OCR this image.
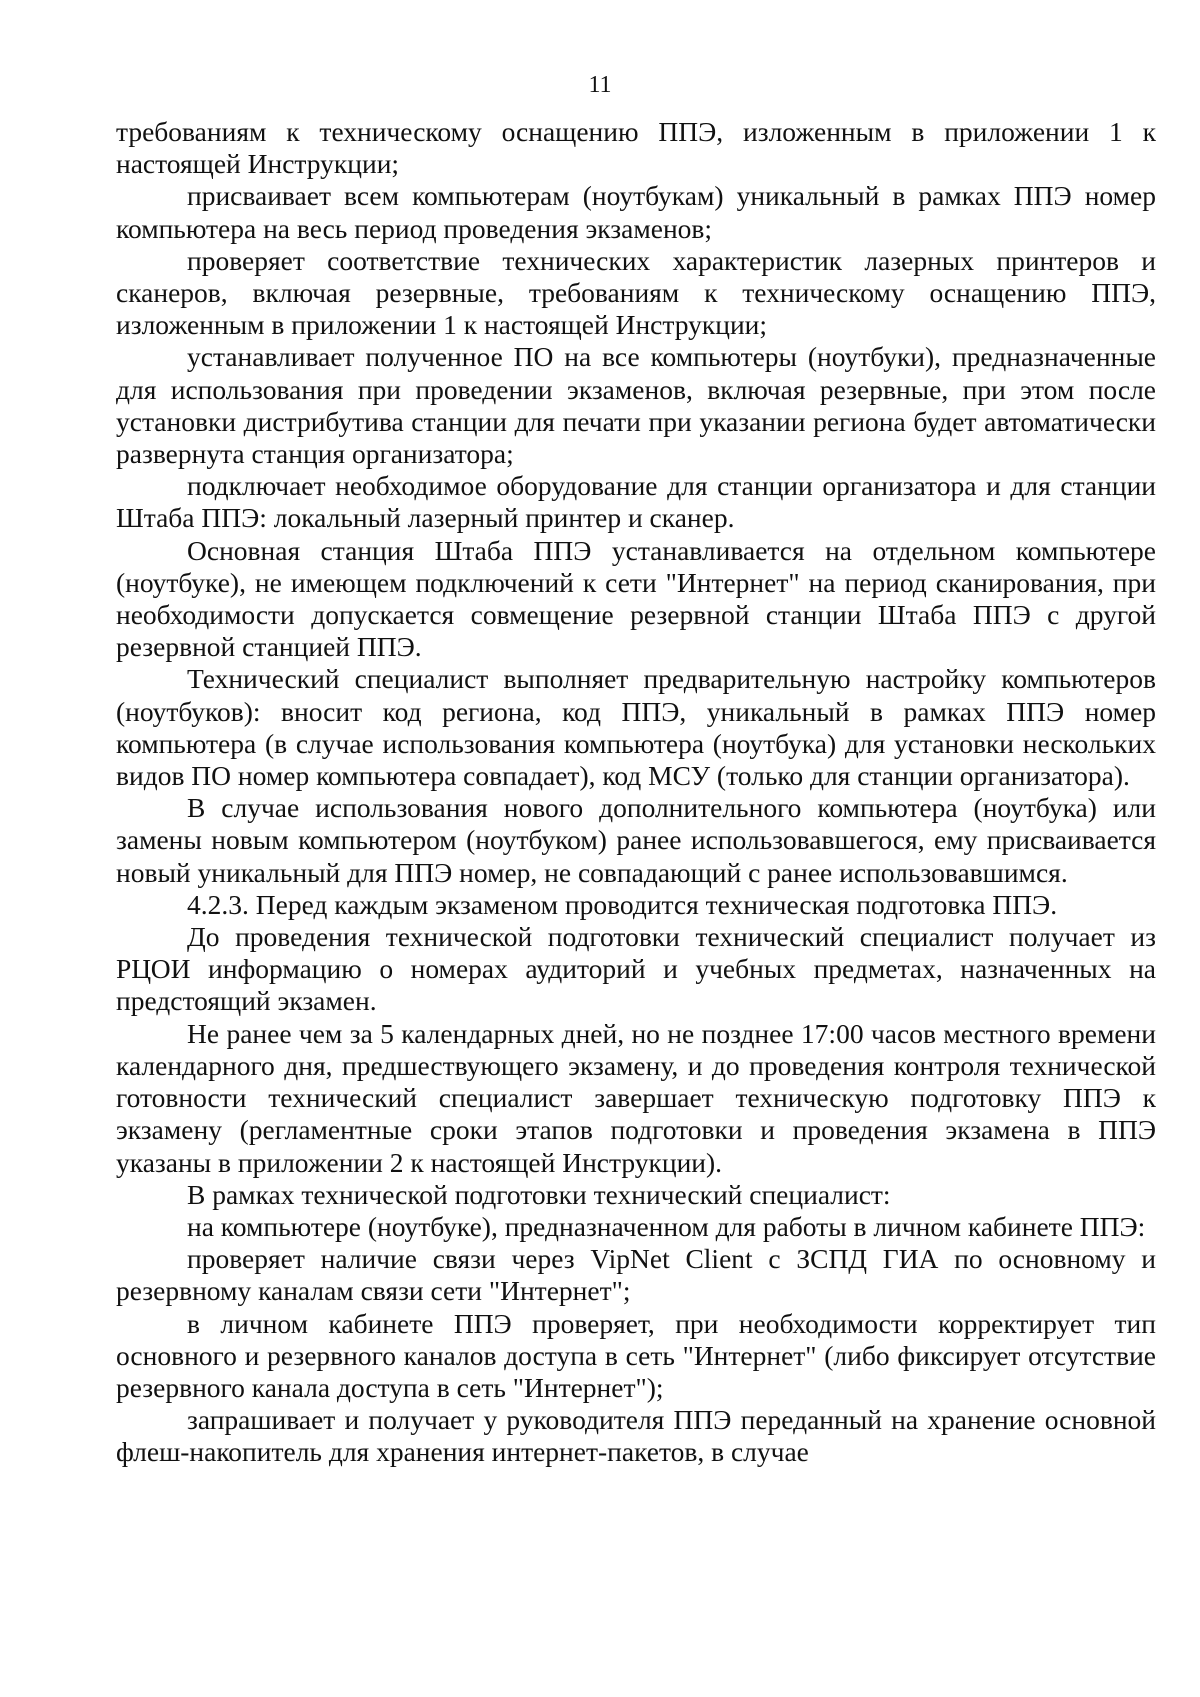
11

требованиям к техническому оснащению ППЭ, изложенным в приложении 1 к настоящей Инструкции;

присваивает всем компьютерам (ноутбукам) уникальный в рамках ППЭ номер компьютера на весь период проведения экзаменов;

проверяет соответствие технических характеристик лазерных принтеров и сканеров, включая резервные, требованиям к техническому оснащению ППЭ, изложенным в приложении 1 к настоящей Инструкции;

устанавливает полученное ПО на все компьютеры (ноутбуки), предназначенные для использования при проведении экзаменов, включая резервные, при этом после установки дистрибутива станции для печати при указании региона будет автоматически развернута станция организатора;

подключает необходимое оборудование для станции организатора и для станции Штаба ППЭ: локальный лазерный принтер и сканер.

Основная станция Штаба ППЭ устанавливается на отдельном компьютере (ноутбуке), не имеющем подключений к сети "Интернет" на период сканирования, при необходимости допускается совмещение резервной станции Штаба ППЭ с другой резервной станцией ППЭ.

Технический специалист выполняет предварительную настройку компьютеров (ноутбуков): вносит код региона, код ППЭ, уникальный в рамках ППЭ номер компьютера (в случае использования компьютера (ноутбука) для установки нескольких видов ПО номер компьютера совпадает), код МСУ (только для станции организатора).

В случае использования нового дополнительного компьютера (ноутбука) или замены новым компьютером (ноутбуком) ранее использовавшегося, ему присваивается новый уникальный для ППЭ номер, не совпадающий с ранее использовавшимся.

4.2.3. Перед каждым экзаменом проводится техническая подготовка ППЭ.

До проведения технической подготовки технический специалист получает из РЦОИ информацию о номерах аудиторий и учебных предметах, назначенных на предстоящий экзамен.

Не ранее чем за 5 календарных дней, но не позднее 17:00 часов местного времени календарного дня, предшествующего экзамену, и до проведения контроля технической готовности технический специалист завершает техническую подготовку ППЭ к экзамену (регламентные сроки этапов подготовки и проведения экзамена в ППЭ указаны в приложении 2 к настоящей Инструкции).

В рамках технической подготовки технический специалист:

на компьютере (ноутбуке), предназначенном для работы в личном кабинете ППЭ:

проверяет наличие связи через VipNet Client с ЗСПД ГИА по основному и резервному каналам связи сети "Интернет";

в личном кабинете ППЭ проверяет, при необходимости корректирует тип основного и резервного каналов доступа в сеть "Интернет" (либо фиксирует отсутствие резервного канала доступа в сеть "Интернет");

запрашивает и получает у руководителя ППЭ переданный на хранение основной флеш-накопитель для хранения интернет-пакетов, в случае
